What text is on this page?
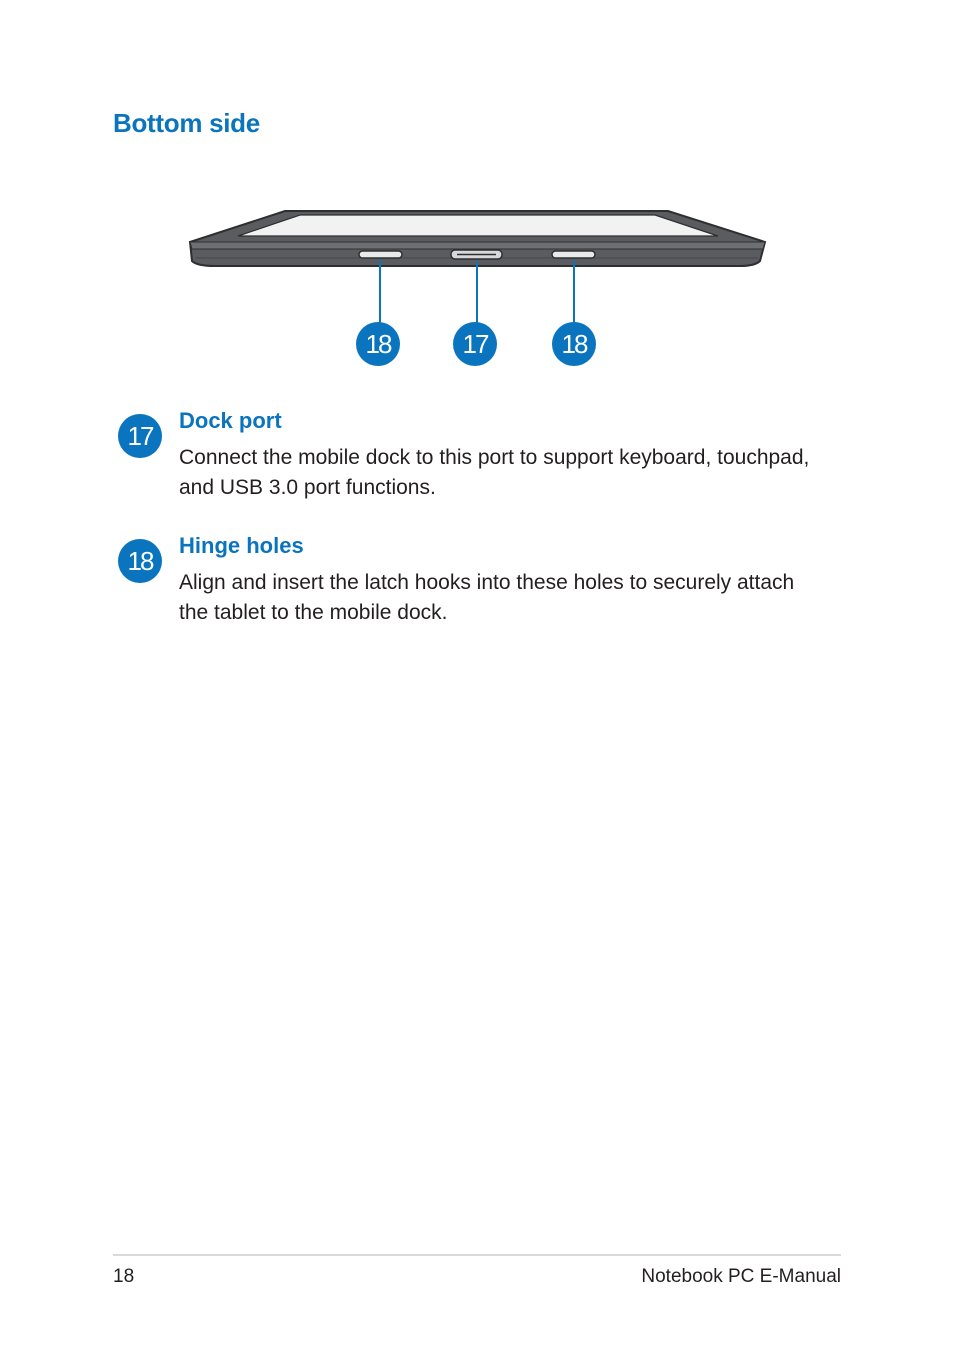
Bottom side
18	17	18
17
Dock port

Connect the mobile dock to this port to support keyboard, touchpad, and USB 3.0 port functions.

18
Hinge holes

Align and insert the latch hooks into these holes to securely attach the tablet to the mobile dock.

18	Notebook PC E-Manual
